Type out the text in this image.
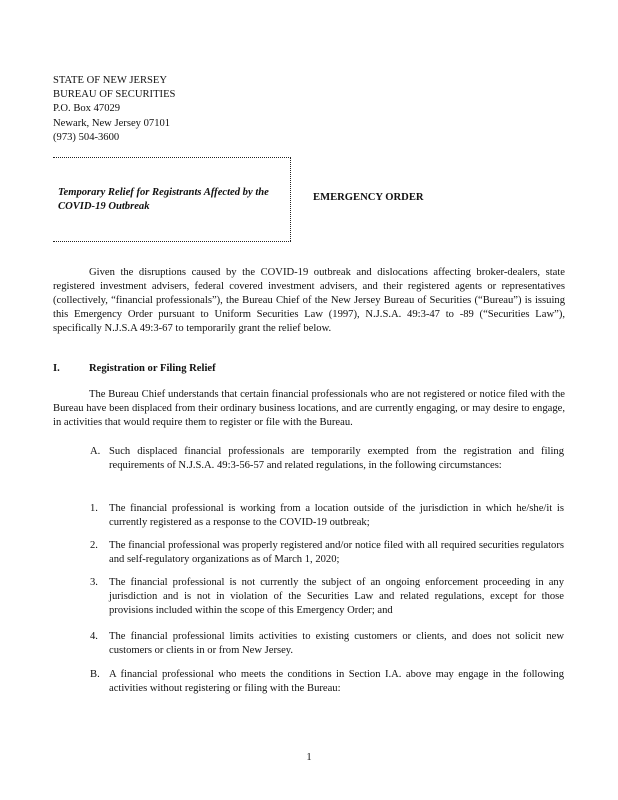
STATE OF NEW JERSEY
BUREAU OF SECURITIES
P.O. Box 47029
Newark, New Jersey 07101
(973) 504-3600
Temporary Relief for Registrants Affected by the COVID-19 Outbreak
EMERGENCY ORDER
Given the disruptions caused by the COVID-19 outbreak and dislocations affecting broker-dealers, state registered investment advisers, federal covered investment advisers, and their registered agents or representatives (collectively, “financial professionals”), the Bureau Chief of the New Jersey Bureau of Securities (“Bureau”) is issuing this Emergency Order pursuant to Uniform Securities Law (1997), N.J.S.A. 49:3-47 to -89 (“Securities Law”), specifically N.J.S.A 49:3-67 to temporarily grant the relief below.
I.	Registration or Filing Relief
The Bureau Chief understands that certain financial professionals who are not registered or notice filed with the Bureau have been displaced from their ordinary business locations, and are currently engaging, or may desire to engage, in activities that would require them to register or file with the Bureau.
A. Such displaced financial professionals are temporarily exempted from the registration and filing requirements of N.J.S.A. 49:3-56-57 and related regulations, in the following circumstances:
1. The financial professional is working from a location outside of the jurisdiction in which he/she/it is currently registered as a response to the COVID-19 outbreak;
2. The financial professional was properly registered and/or notice filed with all required securities regulators and self-regulatory organizations as of March 1, 2020;
3. The financial professional is not currently the subject of an ongoing enforcement proceeding in any jurisdiction and is not in violation of the Securities Law and related regulations, except for those provisions included within the scope of this Emergency Order; and
4. The financial professional limits activities to existing customers or clients, and does not solicit new customers or clients in or from New Jersey.
B. A financial professional who meets the conditions in Section I.A. above may engage in the following activities without registering or filing with the Bureau:
1
